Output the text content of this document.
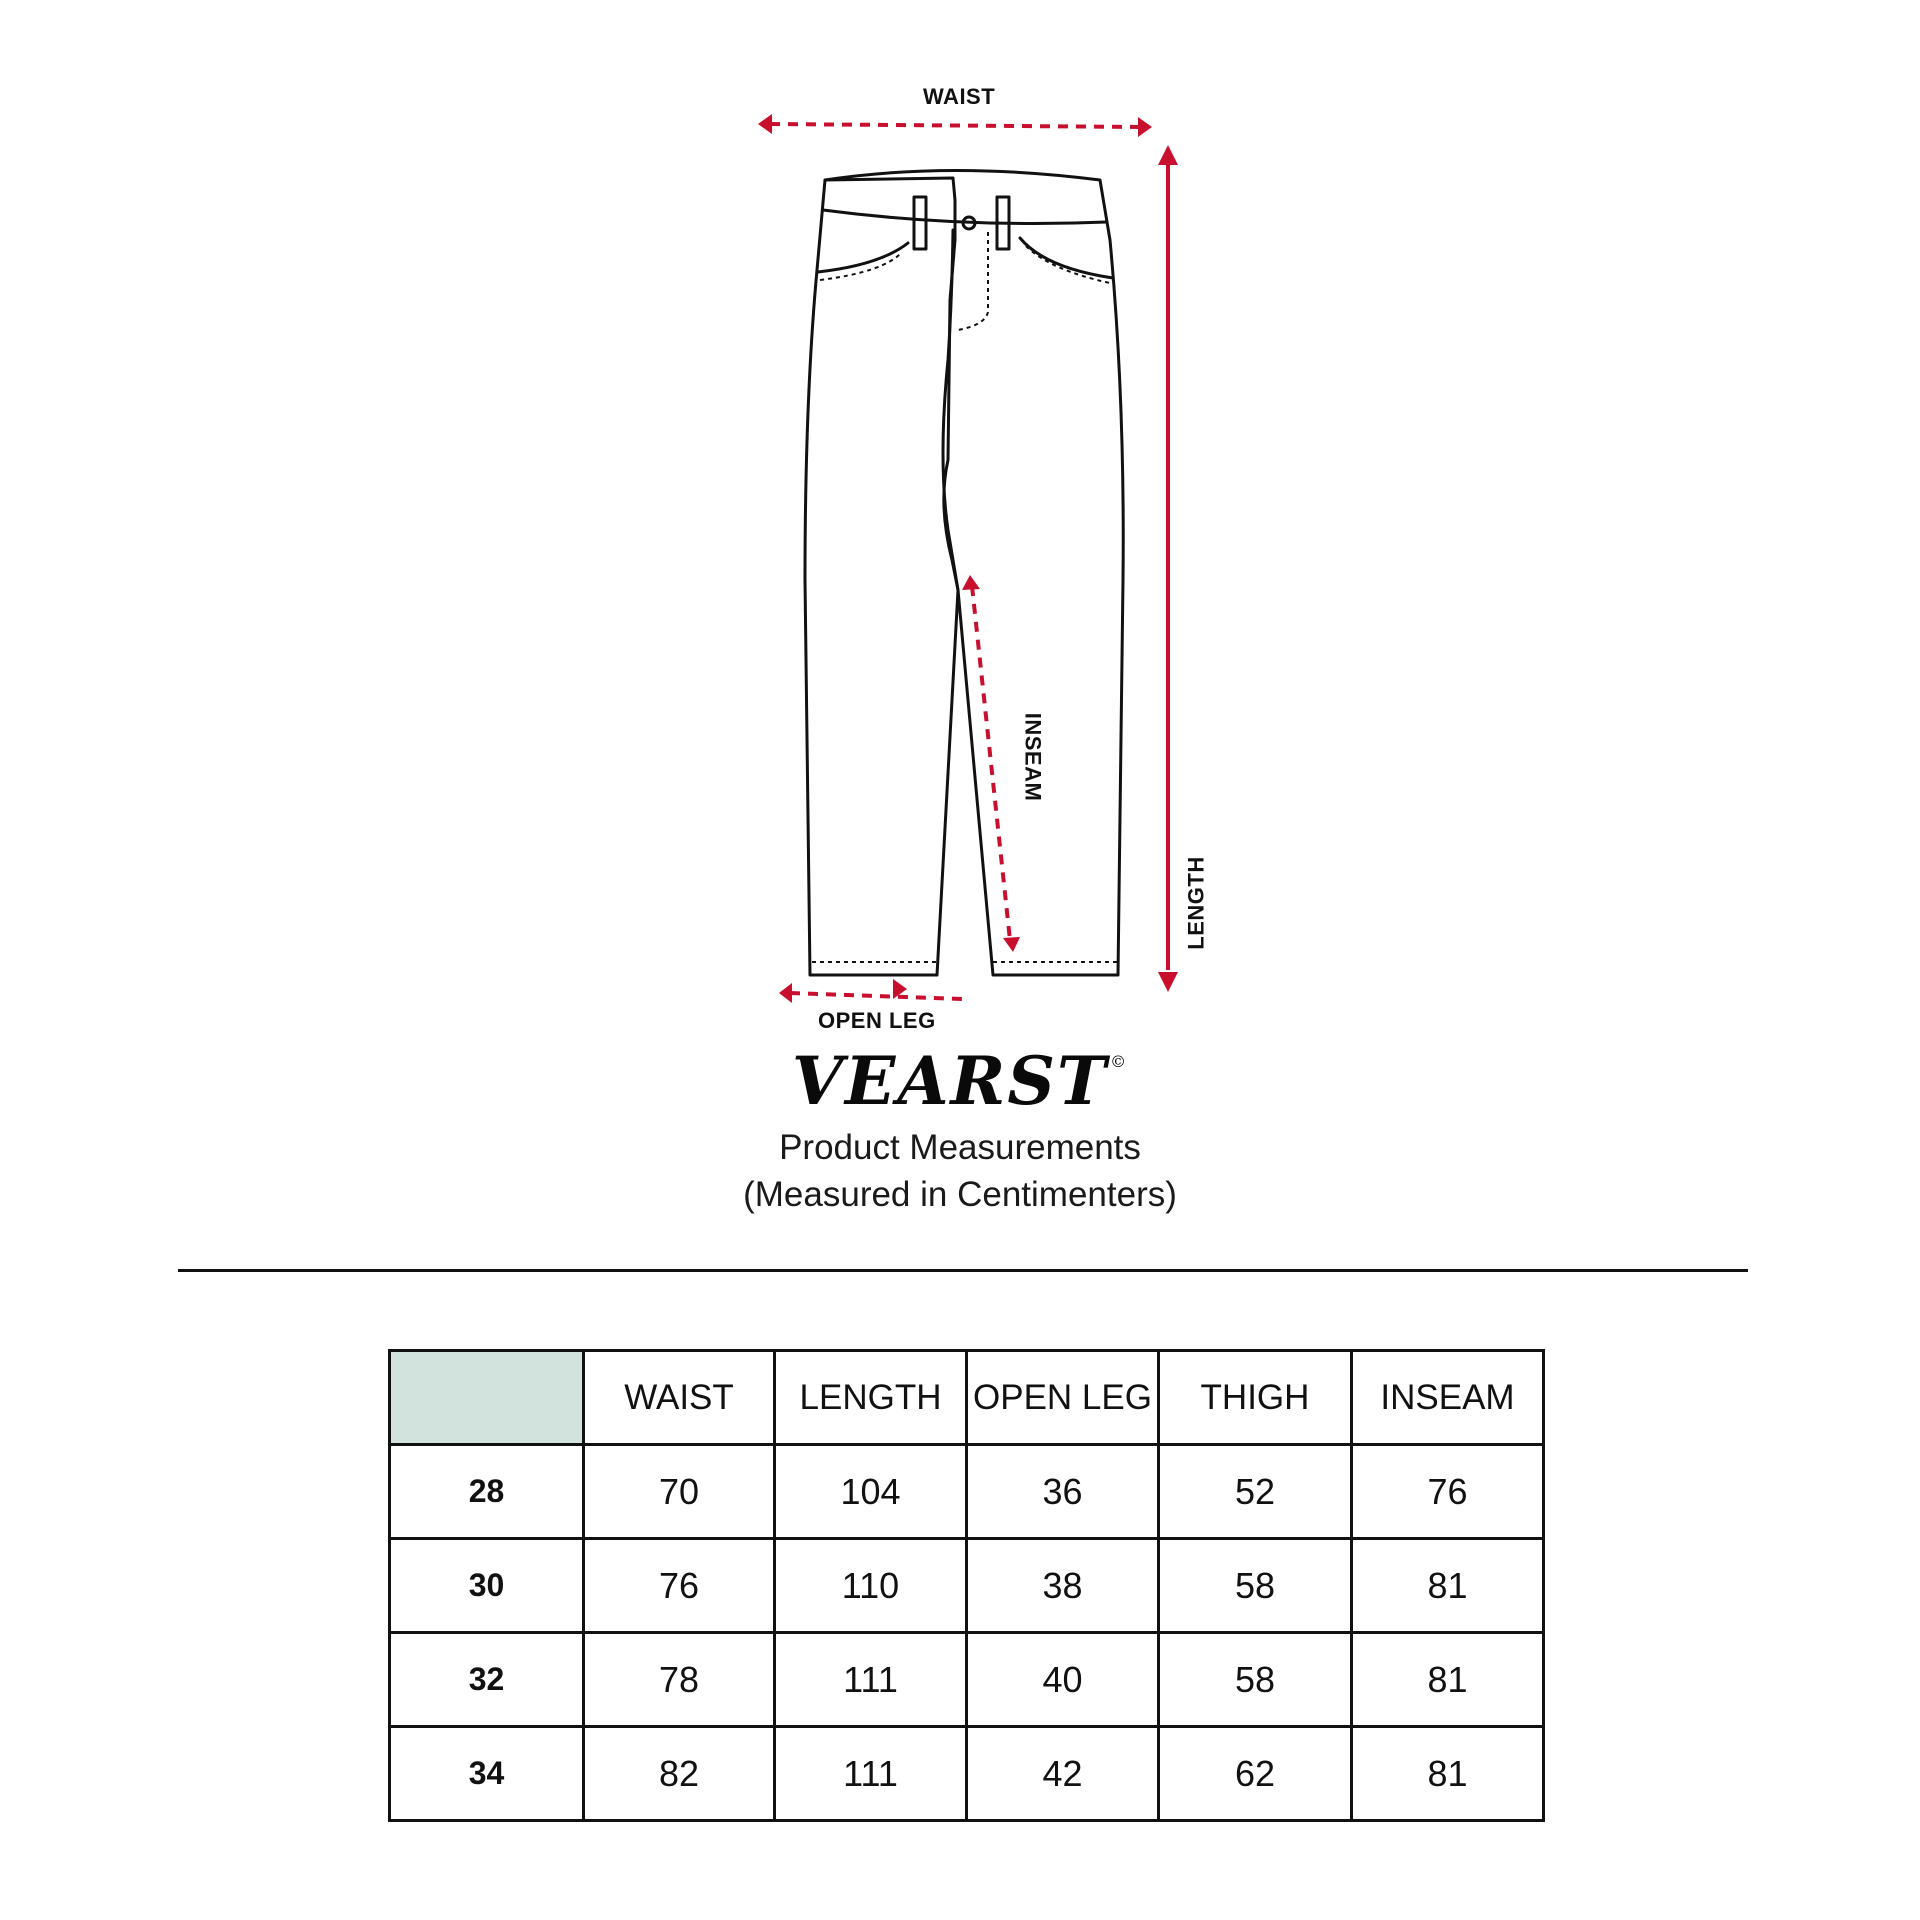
WAIST
OPEN LEG
INSEAM
LENGTH
VEARST ©
Product Measurements
(Measured in Centimenters)
	WAIST	LENGTH	OPEN LEG	THIGH	INSEAM
28	70	104	36	52	76
30	76	110	38	58	81
32	78	111	40	58	81
34	82	111	42	62	81
